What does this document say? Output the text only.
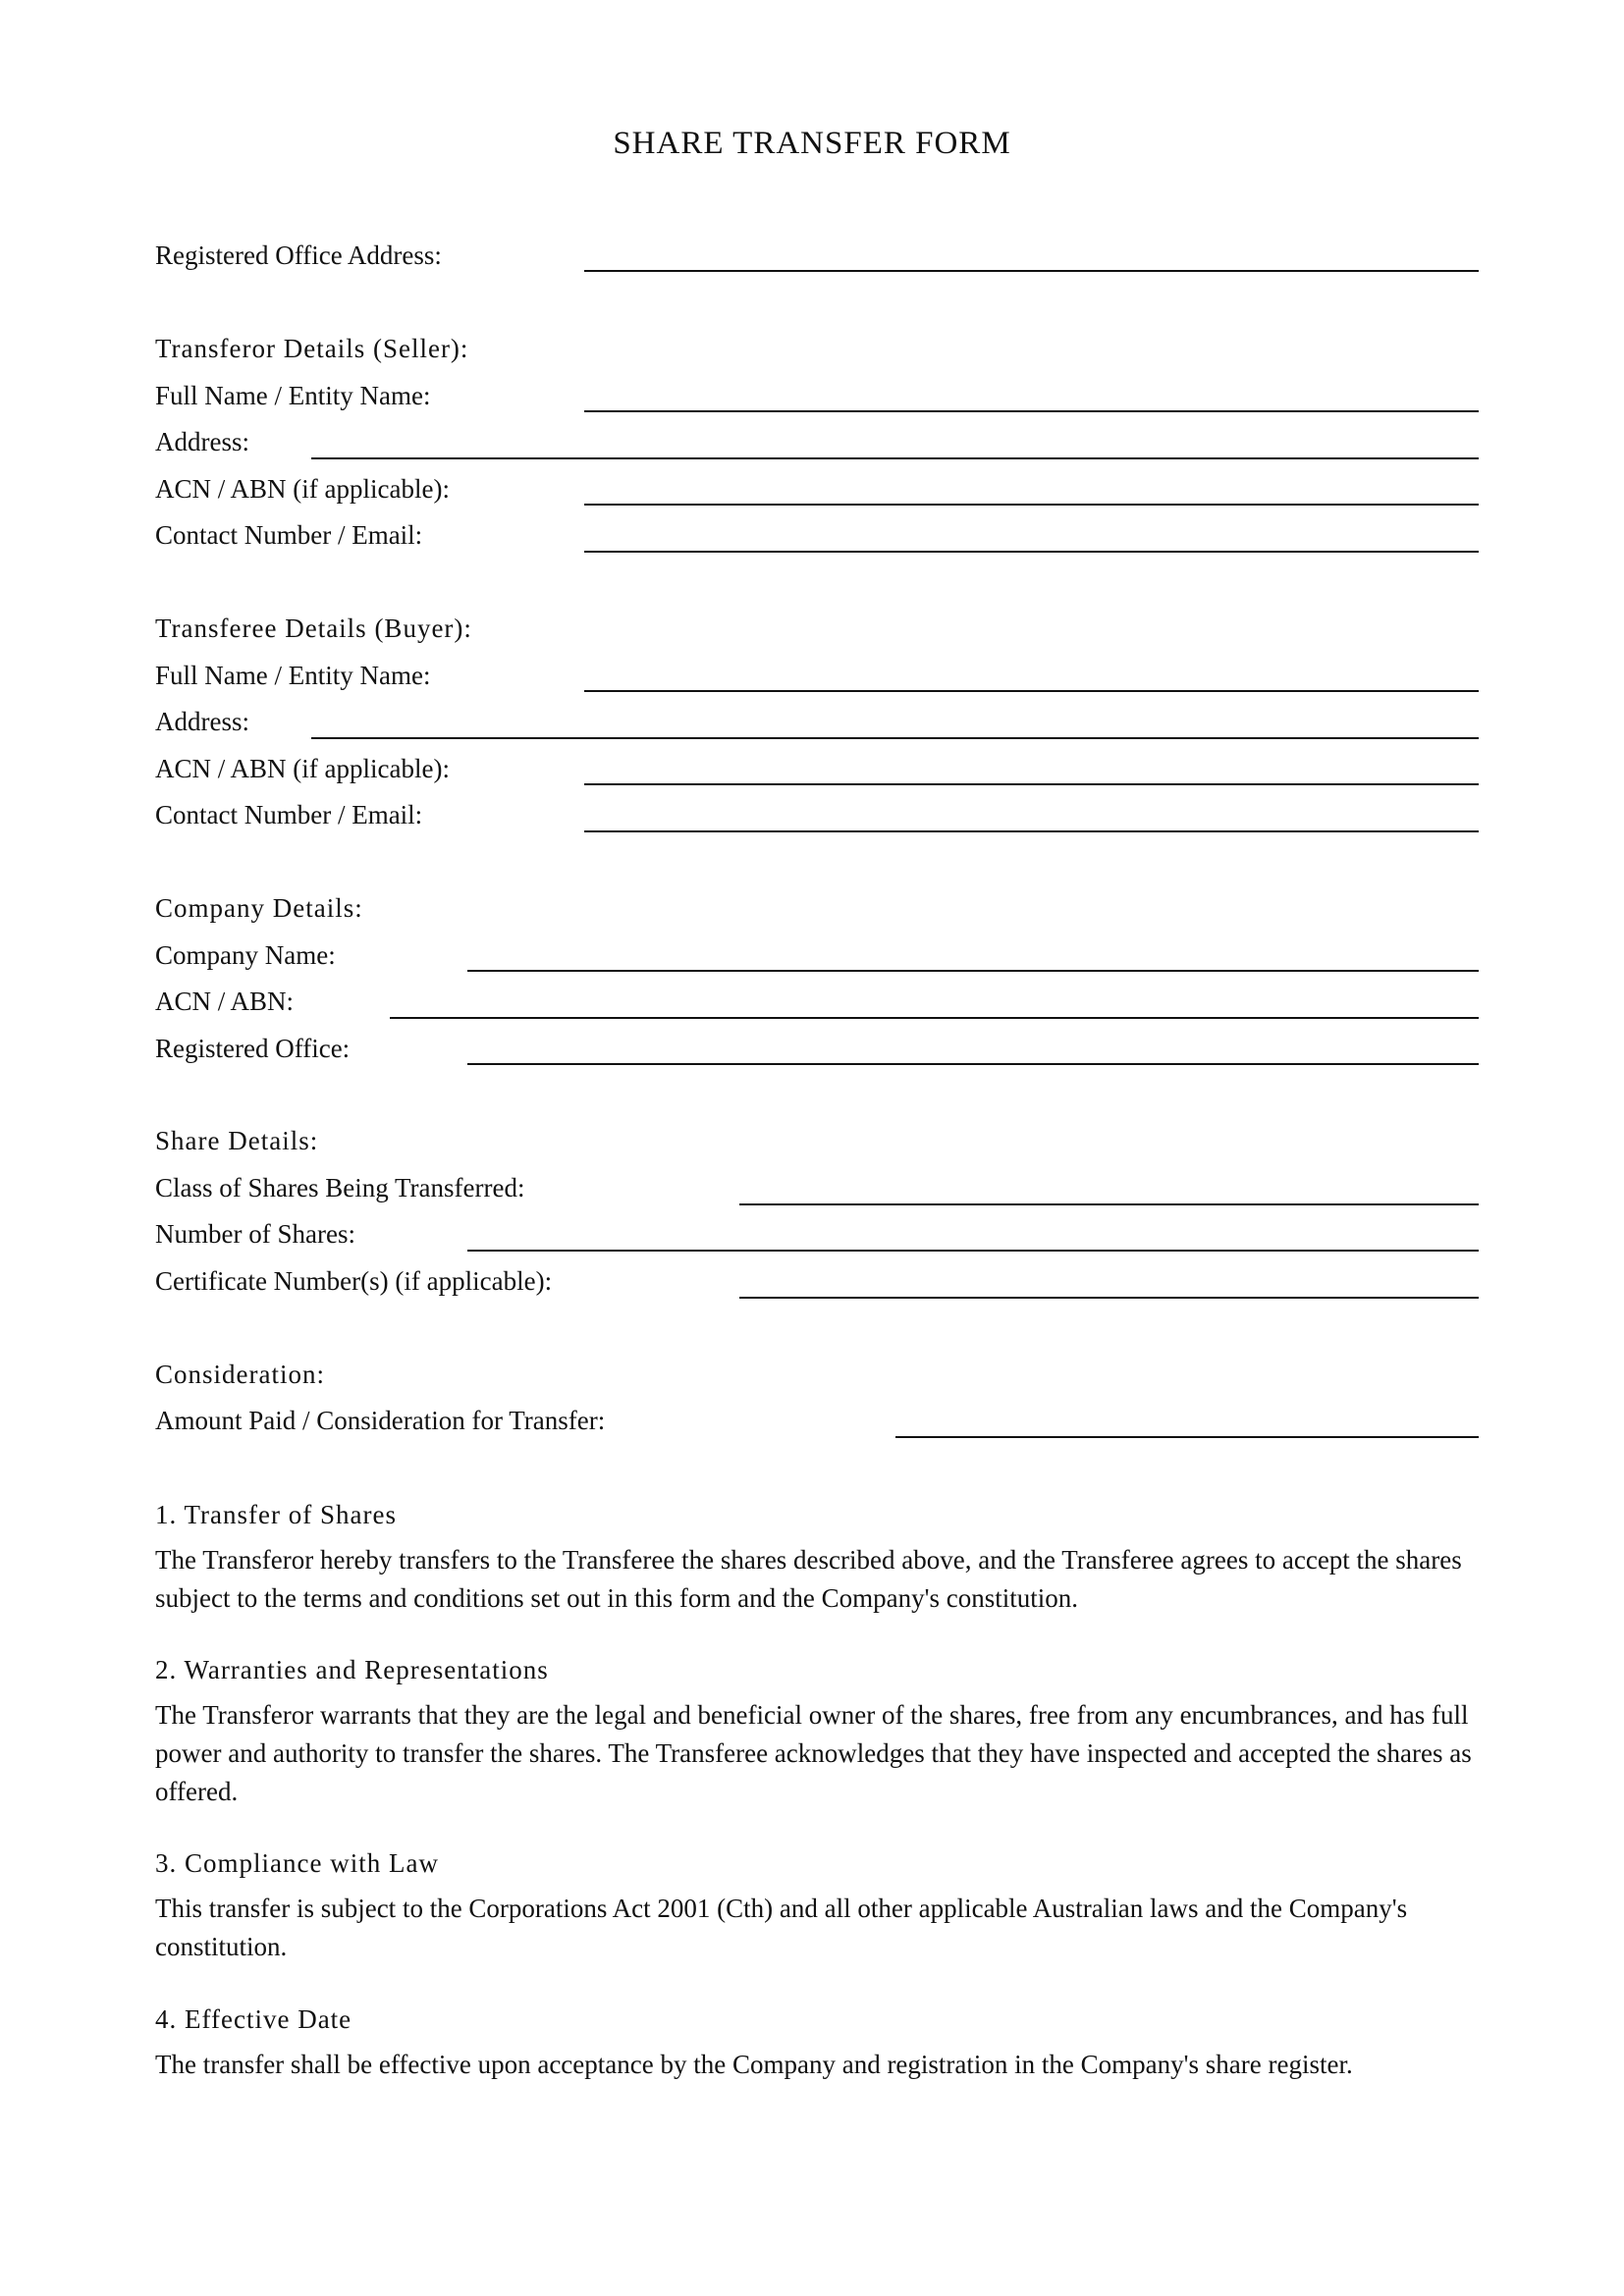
SHARE TRANSFER FORM
Registered Office Address:
Transferor Details (Seller):
Full Name / Entity Name:
Address:
ACN / ABN (if applicable):
Contact Number / Email:
Transferee Details (Buyer):
Full Name / Entity Name:
Address:
ACN / ABN (if applicable):
Contact Number / Email:
Company Details:
Company Name:
ACN / ABN:
Registered Office:
Share Details:
Class of Shares Being Transferred:
Number of Shares:
Certificate Number(s) (if applicable):
Consideration:
Amount Paid / Consideration for Transfer:
1. Transfer of Shares
The Transferor hereby transfers to the Transferee the shares described above, and the Transferee agrees to accept the shares subject to the terms and conditions set out in this form and the Company's constitution.
2. Warranties and Representations
The Transferor warrants that they are the legal and beneficial owner of the shares, free from any encumbrances, and has full power and authority to transfer the shares. The Transferee acknowledges that they have inspected and accepted the shares as offered.
3. Compliance with Law
This transfer is subject to the Corporations Act 2001 (Cth) and all other applicable Australian laws and the Company's constitution.
4. Effective Date
The transfer shall be effective upon acceptance by the Company and registration in the Company's share register.
